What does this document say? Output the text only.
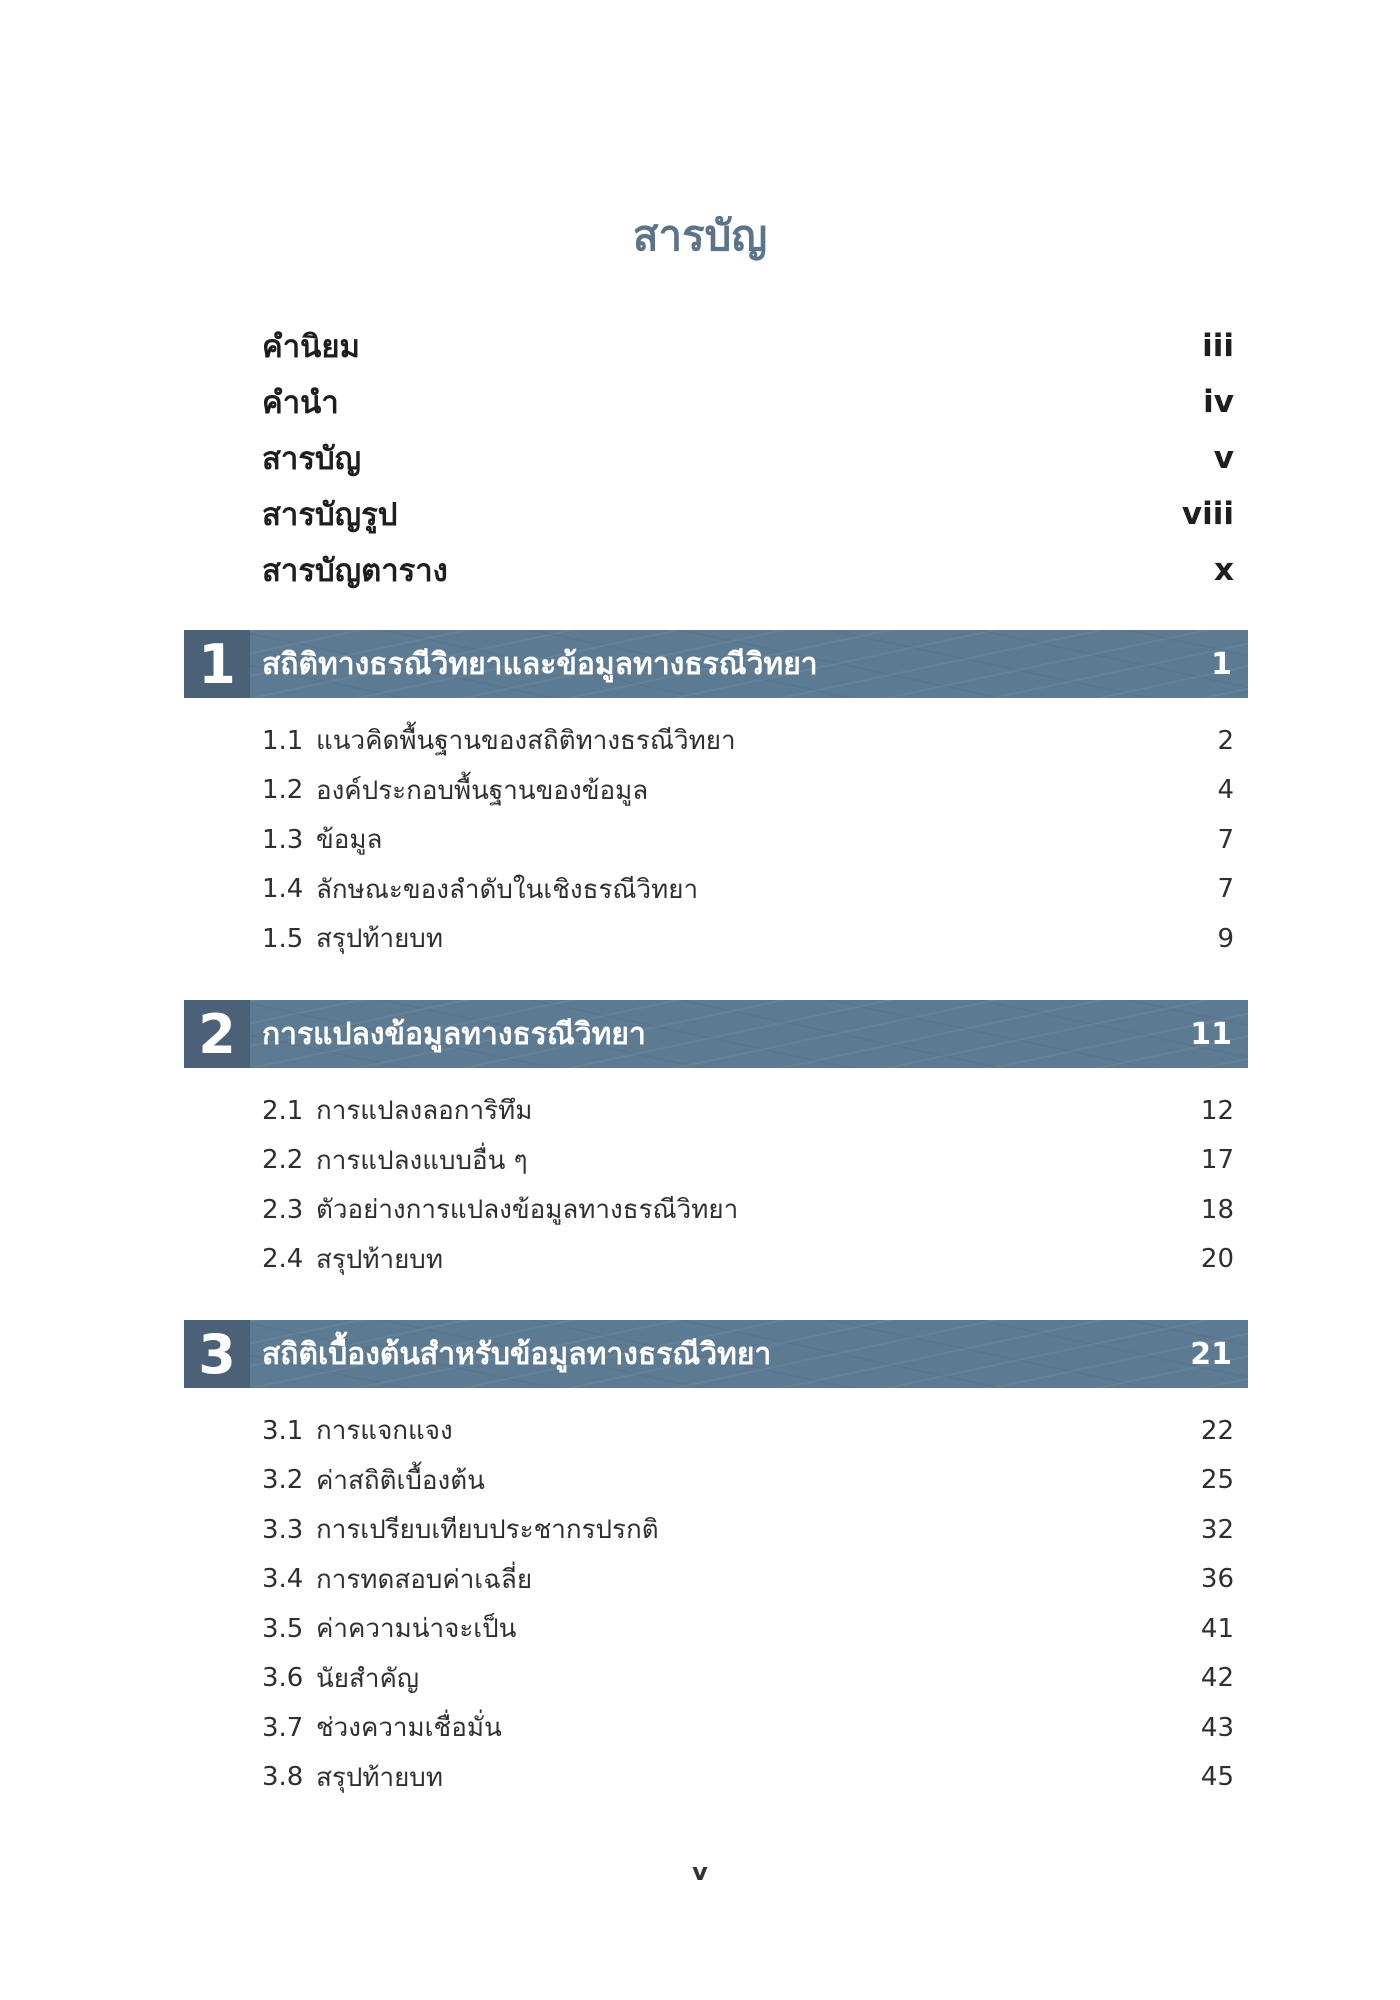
สารบัญ
คำนิยม	iii
คำนำ	iv
สารบัญ	v
สารบัญรูป	viii
สารบัญตาราง	x
1 สถิติทางธรณีวิทยาและข้อมูลทางธรณีวิทยา	1
1.1 แนวคิดพื้นฐานของสถิติทางธรณีวิทยา	2
1.2 องค์ประกอบพื้นฐานของข้อมูล	4
1.3 ข้อมูล	7
1.4 ลักษณะของลำดับในเชิงธรณีวิทยา	7
1.5 สรุปท้ายบท	9
2 การแปลงข้อมูลทางธรณีวิทยา	11
2.1 การแปลงลอการิทึม	12
2.2 การแปลงแบบอื่น ๆ	17
2.3 ตัวอย่างการแปลงข้อมูลทางธรณีวิทยา	18
2.4 สรุปท้ายบท	20
3 สถิติเบื้องต้นสำหรับข้อมูลทางธรณีวิทยา	21
3.1 การแจกแจง	22
3.2 ค่าสถิติเบื้องต้น	25
3.3 การเปรียบเทียบประชากรปรกติ	32
3.4 การทดสอบค่าเฉลี่ย	36
3.5 ค่าความน่าจะเป็น	41
3.6 นัยสำคัญ	42
3.7 ช่วงความเชื่อมั่น	43
3.8 สรุปท้ายบท	45
v
